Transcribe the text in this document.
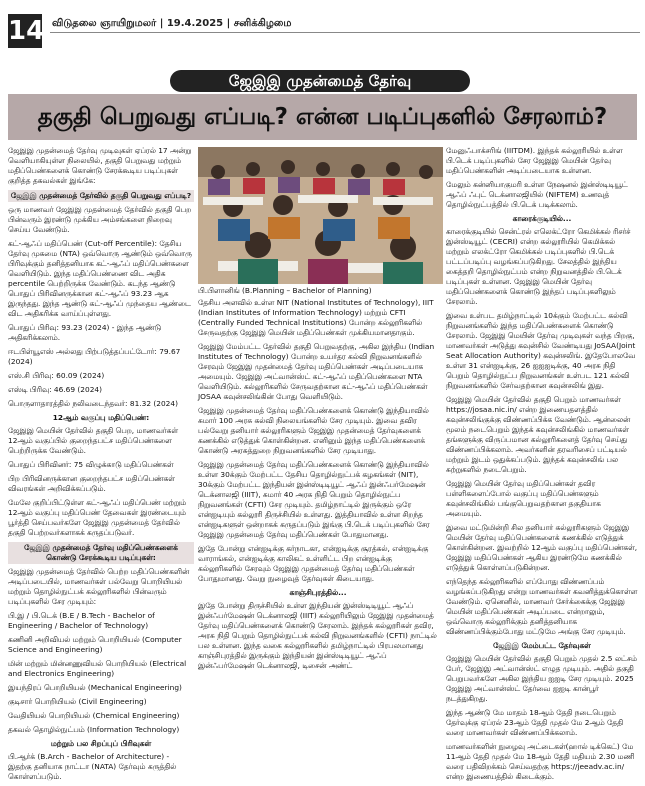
14 விடுதலை ஞாயிறுமலர் | 19.4.2025 | சனிக்கிழமை
ஜேஇஇ முதன்மைத் தேர்வு
தகுதி பெறுவது எப்படி? என்ன படிப்புகளில் சேரலாம்?

ஜேஇஇ முதன்மைத் தேர்வு முடிவுகள் ஏப்ரல் 17 அன்று வெளியாகியுள்ள நிலையில், தகுதி பெறுவது மற்றும் மதிப்பெண்களைக் கொண்டு சேரக்கூடிய படிப்புகள் குறித்த தகவல்கள் இங்கே:

ஜேஇஇ முதன்மைத் தேர்வில் தகுதி பெறுவது எப்படி?

ஒரு மாணவர் ஜேஇஇ முதன்மைத் தேர்வில் தகுதி பெற பின்வரும் இரண்டு முக்கிய அம்சங்களை நிறைவு செய்ய வேண்டும்.

கட்-ஆஃப் மதிப்பெண் (Cut-off Percentile): தேசிய தேர்வு முகமை (NTA) ஒவ்வொரு ஆண்டும் ஒவ்வொரு பிரிவுக்கும் தனித்தனியாக கட்-ஆஃப் மதிப்பெண்களை வெளியிடும். இந்த மதிப்பெண்ணை விட அதிக percentile பெற்றிருக்க வேண்டும். கடந்த ஆண்டு பொதுப் பிரிவினருக்கான கட்-ஆஃப் 93.23 ஆக இருந்தது. இந்த ஆண்டு கட்-ஆஃப் முந்தைய ஆண்டை விட அதிகரிக்க வாய்ப்புள்ளது.

பொதுப் பிரிவு: 93.23 (2024) - இந்த ஆண்டு அதிகரிக்கலாம்.

ஈடபிள்யூஎஸ் அல்லது பிற்படுத்தப்பட்டோர்: 79.67 (2024)

எஸ்.சி பிரிவு: 60.09 (2024)

எஸ்டி பிரிவு: 46.69 (2024)

பொருளாதாரத்தில் நலிவடைந்தவர்: 81.32 (2024)

12ஆம் வகுப்பு மதிப்பெண்:

ஜேஇஇ மெயின் தேர்வில் தகுதி பெற, மாணவர்கள் 12ஆம் வகுப்பில் குறைந்தபட்ச மதிப்பெண்களை பெற்றிருக்க வேண்டும்.

பொதுப் பிரிவினர்: 75 விழுக்காடு மதிப்பெண்கள்

பிற பிரிவினருக்கான குறைந்தபட்ச மதிப்பெண்கள் விவரங்கள் அறிவிக்கப்படும்.

மேலே குறிப்பிட்டுள்ள கட்-ஆஃப் மதிப்பெண் மற்றும் 12ஆம் வகுப்பு மதிப்பெண் தேவைகள் இரண்டையும் பூர்த்தி செய்பவர்களே ஜேஇஇ முதன்மைத் தேர்வில் தகுதி பெற்றவர்களாகக் கருதப்படுவர்.

ஜேஇஇ முதன்மைத் தேர்வு மதிப்பெண்களைக் கொண்டு சேரக்கூடிய படிப்புகள்:

ஜேஇஇ முதன்மைத் தேர்வில் பெற்ற மதிப்பெண்களின் அடிப்படையில், மாணவர்கள் பல்வேறு பொறியியல் மற்றும் தொழில்நுட்பக் கல்லூரிகளில் பின்வரும் படிப்புகளில் சேர முடியும்:

பி.இ / பி.டெக் (B.E / B.Tech - Bachelor of Engineering / Bachelor of Technology)

கணினி அறிவியல் மற்றும் பொறியியல் (Computer Science and Engineering)

மின் மற்றும் மின்னணுவியல் பொறியியல் (Electrical and Electronics Engineering)

இயந்திரப் பொறியியல் (Mechanical Engineering)

குடிசார் பொறியியல் (Civil Engineering)

வேதியியல் பொறியியல் (Chemical Engineering)

தகவல் தொழில்நுட்பம் (Information Technology)

மற்றும் பல சிறப்புப் பிரிவுகள்

பி.ஆர்க் (B.Arch - Bachelor of Architecture) - இதற்கு தனியாக நாட்டா (NATA) தேர்வும் கருத்தில் கொள்ளப்படும்.

பி.பிளானிங் (B.Planning – Bachelor of Planning)

தேசிய அளவில் உள்ள NIT (National Institutes of Technology), IIIT (Indian Institutes of Information Technology) மற்றும் CFTI (Centrally Funded Technical Institutions) போன்ற கல்லூரிகளில் சேருவதற்கு ஜேஇஇ மெயின் மதிப்பெண்கள் முக்கியமானதாகும்.

ஜேஇஇ மேம்பட்ட தேர்வில் தகுதி பெறுவதற்கு, அகில இந்திய (Indian Institutes of Technology) போன்ற உயர்தர கல்வி நிறுவனங்களில் சேரவும் ஜேஇஇ முதன்மைத் தேர்வு மதிப்பெண்கள் அடிப்படையாக அமையும். ஜேஇஇ அட்வான்ஸ்ட் கட்-ஆஃப் மதிப்பெண்களை NTA வெளியிடும். கல்லூரிகளில் சேருவதற்கான கட்-ஆஃப் மதிப்பெண்கள் JOSAA கவுன்சலிங்கின் போது வெளியிடும்.

ஜேஇஇ முதன்மைத் தேர்வு மதிப்பெண்களைக் கொண்டு இந்தியாவில் சுமார் 100 அரசு கல்வி நிலையங்களில் சேர முடியும். இவை தவிர பல்வேறு தனியார் கல்லூரிகளும் ஜேஇஇ முதன்மைத் தேர்வுகளைக் கணக்கில் எடுத்துக் கொள்கின்றன. எனினும் இந்த மதிப்பெண்களைக் கொண்டு அரசுத்துறை நிறுவனங்களில் சேர முடியாது.

ஜேஇஇ முதன்மைத் தேர்வு மதிப்பெண்களைக் கொண்டு இந்தியாவில் உள்ள 30க்கும் மேற்பட்ட தேசிய தொழில்நுட்பக் கழகங்கள் (NIT), 30க்கும் மேற்பட்ட இந்தியன் இன்ஸ்டிடியூட் ஆஃப் இன்ஃபர்மேஷன் டெக்னாலஜி (IIIT), சுமார் 40 அரசு நிதி பெறும் தொழில்நுட்ப நிறுவனங்கள் (CFTI) சேர முடியும். தமிழ்நாட்டில் இருக்கும் ஒரே என்ஐடியும் கல்லூரி திருச்சியில் உள்ளது. இத்தியாவில் உள்ள சிறந்த என்ஐடிகளுள் ஒன்றாகக் கருதப்படும் இங்கு பி.டெக் படிப்புகளில் சேர ஜேஇஇ முதன்மைத் தேர்வு மதிப்பெண்கள் போதுமானது.

இதே போன்று என்ஐடிக்கு கர்நாடகா, என்ஐடிக்கு சூரத்கல், என்ஐடிக்கு வாராங்கல், என்ஐடிக்கு காலிகட் உள்ளிட்ட பிற என்ஐடிக்கு கல்லூரிகளில் சேரவும் ஜேஇஇ முதன்மைத் தேர்வு மதிப்பெண்கள் போதுமானது. வேறு நுழைவுத் தேர்வுகள் கிடையாது.

காஞ்சிபுரத்தில்...

இதே போன்று திருச்சியில் உள்ள இந்தியன் இன்ஸ்டிடியூட் ஆஃப் இன்ஃபர்மேஷன் டெக்னாலஜி (IIIT) கல்லூரியிலும் ஜேஇஇ முதன்மைத் தேர்வு மதிப்பெண்களைக் கொண்டு சேரலாம். இந்தக் கல்லூரிகள் தவிர, அரசு நிதி பெறும் தொழில்நுட்பக் கல்வி நிறுவனங்களில் (CFTI) நாட்டில் பல உள்ளன. இந்த வகை கல்லூரிகளில் தமிழ்நாட்டில் பிரபலமானது காஞ்சிபுரத்தில் இருக்கும் இந்தியன் இன்ஸ்டிடியூட் ஆஃப் இன்ஃபர்மேஷன் டெக்னாலஜி, டிசைன் அண்ட்

மேனுஃபாக்சரிங் (IIITDM). இந்தக் கல்லூரியில் உள்ள பி.டெக் படிப்புகளில் சேர ஜேஇஇ மெயின் தேர்வு மதிப்பெண்களின் அடிப்படையாக உள்ளன.

மேலும் கன்னியாகுமரி உள்ள நேஷனல் இன்ஸ்டிடியூட் ஆஃப் ஃபுட் டெக்னாலஜியில் (NIFTEM) உணவுத் தொழில்நுட்பத்தில் பி.டெக் படிக்கலாம்.

காரைக்குடியில்...

காரைக்குடியில் சென்ட்ரல் எலெக்ட்ரோ கெமிக்கல் ரிசர்ச் இன்ஸ்டியூட் (CECRI) என்ற கல்லூரியில் கெமிக்கல் மற்றும் எலக்ட்ரோ கெமிக்கல் படிப்புகளில் பி.டெக் பட்டப்படிப்பு வழங்கப்படுகிறது. சேலத்தில் இந்திய கைத்தறி தொழில்நுட்பம் என்ற நிறுவனத்தில் பி.டெக் படிப்புகள் உள்ளன. ஜேஇஇ மெயின் தேர்வு மதிப்பெண்களைக் கொண்டு இந்தப் படிப்புகளிலும் சேரலாம்.

இவை உள்பட தமிழ்நாட்டில் 10க்கும் மேற்பட்ட கல்வி நிறுவனங்களில் இந்த மதிப்பெண்களைக் கொண்டு சேரலாம். ஜேஇஇ மெயின் தேர்வு முடிவுகள் வந்த பிறகு, மாணவர்கள் அடுத்து கவுன்சில் வேண்டியது JoSAA(Joint Seat Allocation Authority) கவுன்சலிங். இதேபோலவே உள்ள 31 என்ஐடிக்கு, 26 ஐஐஐடிக்கு, 40 அரசு நிதி பெறும் தொழில்நுட்ப நிறுவனங்கள் உள்பட 121 கல்வி நிறுவனங்களில் சேர்வதற்கான கவுன்சலிங் இது.

ஜேஇஇ மெயின் தேர்வில் தகுதி பெறும் மாணவர்கள் https://josaa.nic.in/ என்ற இணையதளத்தில் கவுன்சலிங்குக்கு விண்ணப்பிக்க வேண்டும். ஆன்லைன் மூலம் நடைபெறும் இந்தக் கவுன்சலிங்கில் மாணவர்கள் தங்களுக்கு விருப்பமான கல்லூரிகளைத் தேர்வு செய்து விண்ணப்பிக்கலாம். அவர்களின் தரவரிசைப் பட்டியல் மற்றும் இடம் ஒதுக்கப்படும். இந்தக் கவுன்சலிங் பல சுற்றுகளில் நடைபெறும்.

ஜேஇஇ மெயின் தேர்வு மதிப்பெண்கள் தவிர பள்ளிகளைப்போல் வகுப்பு மதிப்பெண்களும் கவுன்சலிங்கில் பங்குபெறுவதற்கான தகுதியாக அமையும்.

இவை மட்டுமின்றி சில தனியார் கல்லூரிகளும் ஜேஇஇ மெயின் தேர்வு மதிப்பெண்களைக் கணக்கில் எடுத்துக் கொள்கின்றன. இவற்றில் 12ஆம் வகுப்பு மதிப்பெண்கள், ஜேஇஇ மதிப்பெண்கள் ஆகிய இரண்டுமே கணக்கில் எடுத்துக் கொள்ளப்படுகின்றன.

எந்தெந்த கல்லூரிகளில் எப்போது விண்ணப்பம் வழங்கப்படுகிறது என்று மாணவர்கள் கவனித்துக்கொள்ள வேண்டும். ஏனெனில், மாணவர் சேர்க்கைக்கு ஜேஇஇ மெயின் மதிப்பெண்கள் அடிப்படை என்றாலும், ஒவ்வொரு கல்லூரிக்கும் தனித்தனியாக விண்ணப்பிக்கும்போது மட்டுமே அங்கு சேர முடியும்.

ஜேஇஇ மேம்பட்ட தேர்வுகள்

ஜேஇஇ மெயின் தேர்வில் தகுதி பெறும் முதல் 2.5 லட்சம் பேர், ஜேஇஇ அட்வான்ஸ்ட் எழுத முடியும். அதில் தகுதி பெறுபவர்களே அகில இந்திய ஐஐடி சேர முடியும். 2025 ஜேஇஇ அட்வான்ஸ்ட் தேர்வை ஐஐடி கான்பூர் நடத்துகிறது.

இந்த ஆண்டு மே மாதம் 18ஆம் தேதி நடைபெறும் தேர்வுக்கு ஏப்ரல் 23ஆம் தேதி முதல் மே 2ஆம் தேதி வரை மாணவர்கள் விண்ணப்பிக்கலாம்.

மாணவர்களின் நுழைவு அட்டைகள்(ஹால் டிக்கெட்) மே 11ஆம் தேதி முதல் மே 18ஆம் தேதி மதியம் 2.30 மணி வரை பதிவிறக்கம் செய்வதற்கு https://jeeadv.ac.in/ என்ற இணையத்தில் கிடைக்கும்.
